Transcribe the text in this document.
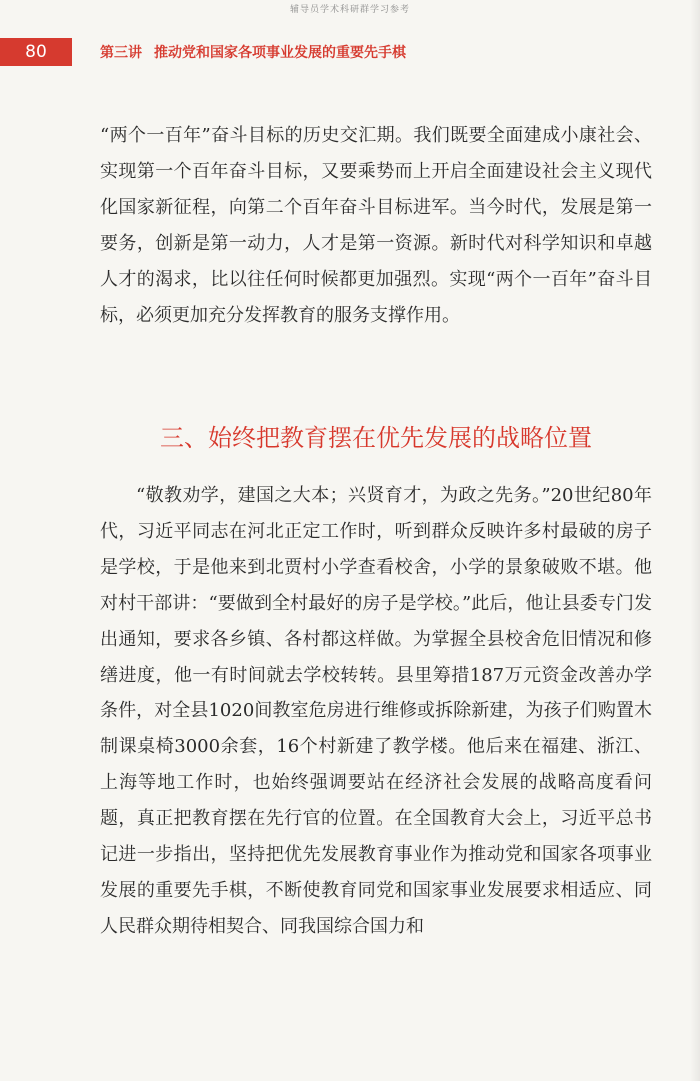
辅导员学术科研群学习参考
80	第三讲 推动党和国家各项事业发展的重要先手棋

“两个一百年”奋斗目标的历史交汇期。我们既要全面建成小康社会、实现第一个百年奋斗目标，又要乘势而上开启全面建设社会主义现代化国家新征程，向第二个百年奋斗目标进军。当今时代，发展是第一要务，创新是第一动力，人才是第一资源。新时代对科学知识和卓越人才的渴求，比以往任何时候都更加强烈。实现“两个一百年”奋斗目标，必须更加充分发挥教育的服务支撑作用。

三、始终把教育摆在优先发展的战略位置

“敬教劝学，建国之大本；兴贤育才，为政之先务。”20世纪80年代，习近平同志在河北正定工作时，听到群众反映许多村最破的房子是学校，于是他来到北贾村小学查看校舍，小学的景象破败不堪。他对村干部讲：“要做到全村最好的房子是学校。”此后，他让县委专门发出通知，要求各乡镇、各村都这样做。为掌握全县校舍危旧情况和修缮进度，他一有时间就去学校转转。县里筹措187万元资金改善办学条件，对全县1020间教室危房进行维修或拆除新建，为孩子们购置木制课桌椅3000余套，16个村新建了教学楼。他后来在福建、浙江、上海等地工作时，也始终强调要站在经济社会发展的战略高度看问题，真正把教育摆在先行官的位置。在全国教育大会上，习近平总书记进一步指出，坚持把优先发展教育事业作为推动党和国家各项事业发展的重要先手棋，不断使教育同党和国家事业发展要求相适应、同人民群众期待相契合、同我国综合国力和
